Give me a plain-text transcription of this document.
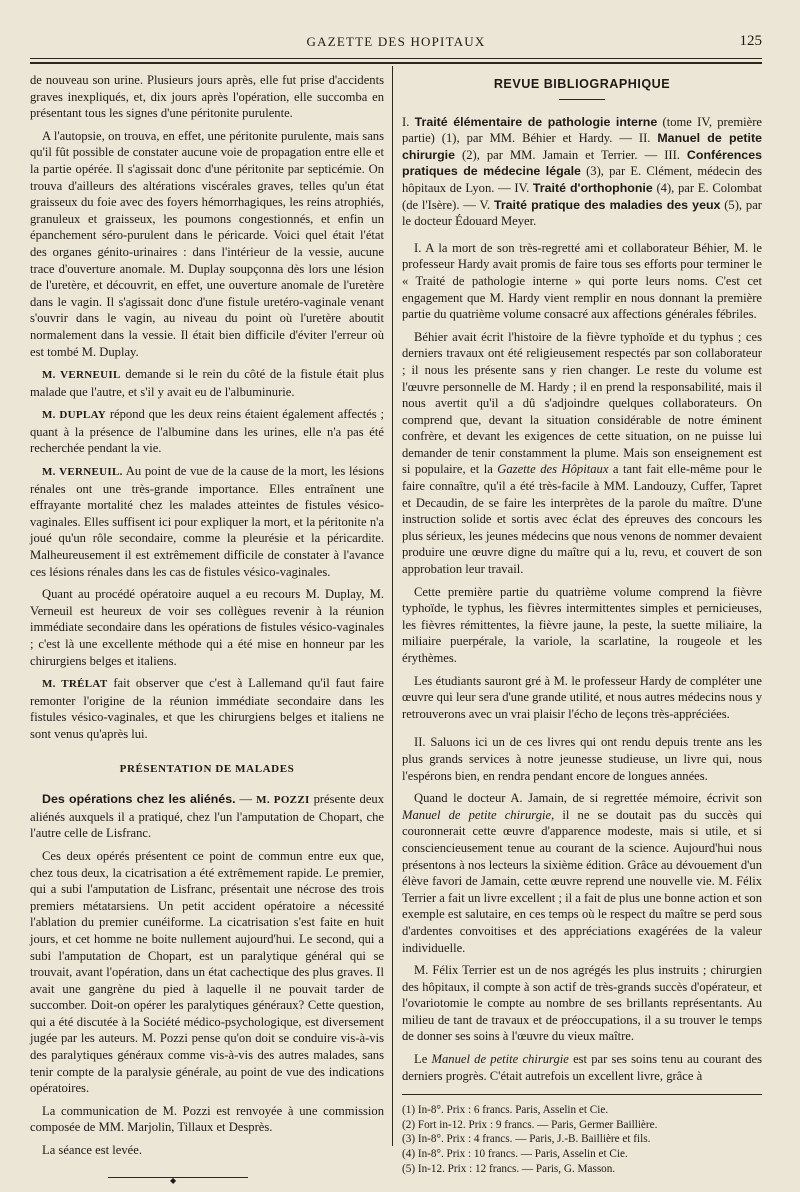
GAZETTE DES HOPITAUX	125

de nouveau son urine. Plusieurs jours après, elle fut prise d'accidents graves inexpliqués, et, dix jours après l'opération, elle succomba en présentant tous les signes d'une péritonite purulente.

A l'autopsie, on trouva, en effet, une péritonite purulente, mais sans qu'il fût possible de constater aucune voie de propagation entre elle et la partie opérée. Il s'agissait donc d'une péritonite par septicémie. On trouva d'ailleurs des altérations viscérales graves, telles qu'un état graisseux du foie avec des foyers hémorrhagiques, les reins atrophiés, granuleux et graisseux, les poumons congestionnés, et enfin un épanchement séro-purulent dans le péricarde. Voici quel était l'état des organes génito-urinaires : dans l'intérieur de la vessie, aucune trace d'ouverture anomale. M. Duplay soupçonna dès lors une lésion de l'uretère, et découvrit, en effet, une ouverture anomale de l'uretère dans le vagin. Il s'agissait donc d'une fistule uretéro-vaginale venant s'ouvrir dans le vagin, au niveau du point où l'uretère aboutit normalement dans la vessie. Il était bien difficile d'éviter l'erreur où est tombé M. Duplay.

M. VERNEUIL demande si le rein du côté de la fistule était plus malade que l'autre, et s'il y avait eu de l'albuminurie.

M. DUPLAY répond que les deux reins étaient également affectés ; quant à la présence de l'albumine dans les urines, elle n'a pas été recherchée pendant la vie.

M. VERNEUIL. Au point de vue de la cause de la mort, les lésions rénales ont une très-grande importance. Elles entraînent une effrayante mortalité chez les malades atteintes de fistules vésico-vaginales. Elles suffisent ici pour expliquer la mort, et la péritonite n'a joué qu'un rôle secondaire, comme la pleurésie et la péricardite. Malheureusement il est extrêmement difficile de constater à l'avance ces lésions rénales dans les cas de fistules vésico-vaginales.

Quant au procédé opératoire auquel a eu recours M. Duplay, M. Verneuil est heureux de voir ses collègues revenir à la réunion immédiate secondaire dans les opérations de fistules vésico-vaginales ; c'est là une excellente méthode qui a été mise en honneur par les chirurgiens belges et italiens.

M. TRÉLAT fait observer que c'est à Lallemand qu'il faut faire remonter l'origine de la réunion immédiate secondaire dans les fistules vésico-vaginales, et que les chirurgiens belges et italiens ne sont venus qu'après lui.

PRÉSENTATION DE MALADES

Des opérations chez les aliénés. — M. POZZI présente deux aliénés auxquels il a pratiqué, chez l'un l'amputation de Chopart, che l'autre celle de Lisfranc.

Ces deux opérés présentent ce point de commun entre eux que, chez tous deux, la cicatrisation a été extrêmement rapide. Le premier, qui a subi l'amputation de Lisfranc, présentait une nécrose des trois premiers métatarsiens. Un petit accident opératoire a nécessité l'ablation du premier cunéiforme. La cicatrisation s'est faite en huit jours, et cet homme ne boite nullement aujourd'hui. Le second, qui a subi l'amputation de Chopart, est un paralytique général qui se trouvait, avant l'opération, dans un état cachectique des plus graves. Il avait une gangrène du pied à laquelle il ne pouvait tarder de succomber. Doit-on opérer les paralytiques généraux? Cette question, qui a été discutée à la Société médico-psychologique, est diversement jugée par les auteurs. M. Pozzi pense qu'on doit se conduire vis-à-vis des paralytiques généraux comme vis-à-vis des autres malades, sans tenir compte de la paralysie générale, au point de vue des indications opératoires.

La communication de M. Pozzi est renvoyée à une commission composée de MM. Marjolin, Tillaux et Desprès.

La séance est levée.

◆
REVUE BIBLIOGRAPHIQUE

I. Traité élémentaire de pathologie interne (tome IV, première partie) (1), par MM. Béhier et Hardy. — II. Manuel de petite chirurgie (2), par MM. Jamain et Terrier. — III. Conférences pratiques de médecine légale (3), par E. Clément, médecin des hôpitaux de Lyon. — IV. Traité d'orthophonie (4), par E. Colombat (de l'Isère). — V. Traité pratique des maladies des yeux (5), par le docteur Édouard Meyer.

I. A la mort de son très-regretté ami et collaborateur Béhier, M. le professeur Hardy avait promis de faire tous ses efforts pour terminer le « Traité de pathologie interne » qui porte leurs noms. C'est cet engagement que M. Hardy vient remplir en nous donnant la première partie du quatrième volume consacré aux affections générales fébriles.

Béhier avait écrit l'histoire de la fièvre typhoïde et du typhus ; ces derniers travaux ont été religieusement respectés par son collaborateur ; il nous les présente sans y rien changer. Le reste du volume est l'œuvre personnelle de M. Hardy ; il en prend la responsabilité, mais il nous avertit qu'il a dû s'adjoindre quelques collaborateurs. On comprend que, devant la situation considérable de notre éminent confrère, et devant les exigences de cette situation, on ne puisse lui demander de tenir constamment la plume. Mais son enseignement est si populaire, et la Gazette des Hôpitaux a tant fait elle-même pour le faire connaître, qu'il a été très-facile à MM. Landouzy, Cuffer, Tapret et Decaudin, de se faire les interprètes de la parole du maître. D'une instruction solide et sortis avec éclat des épreuves des concours les plus sérieux, les jeunes médecins que nous venons de nommer devaient produire une œuvre digne du maître qui a lu, revu, et couvert de son approbation leur travail.

Cette première partie du quatrième volume comprend la fièvre typhoïde, le typhus, les fièvres intermittentes simples et pernicieuses, les fièvres rémittentes, la fièvre jaune, la peste, la suette miliaire, la miliaire puerpérale, la variole, la scarlatine, la rougeole et les érythèmes.

Les étudiants sauront gré à M. le professeur Hardy de compléter une œuvre qui leur sera d'une grande utilité, et nous autres médecins nous y retrouverons avec un vrai plaisir l'écho de leçons très-appréciées.

II. Saluons ici un de ces livres qui ont rendu depuis trente ans les plus grands services à notre jeunesse studieuse, un livre qui, nous l'espérons bien, en rendra pendant encore de longues années.

Quand le docteur A. Jamain, de si regrettée mémoire, écrivit son Manuel de petite chirurgie, il ne se doutait pas du succès qui couronnerait cette œuvre d'apparence modeste, mais si utile, et si consciencieusement tenue au courant de la science. Aujourd'hui nous présentons à nos lecteurs la sixième édition. Grâce au dévouement d'un élève favori de Jamain, cette œuvre reprend une nouvelle vie. M. Félix Terrier a fait un livre excellent ; il a fait de plus une bonne action et son exemple est salutaire, en ces temps où le respect du maître se perd sous d'ardentes convoitises et des appréciations exagérées de la valeur individuelle.

M. Félix Terrier est un de nos agrégés les plus instruits ; chirurgien des hôpitaux, il compte à son actif de très-grands succès d'opérateur, et l'ovariotomie le compte au nombre de ses brillants représentants. Au milieu de tant de travaux et de préoccupations, il a su trouver le temps de donner ses soins à l'œuvre du vieux maître.

Le Manuel de petite chirurgie est par ses soins tenu au courant des derniers progrès. C'était autrefois un excellent livre, grâce à

(1) In-8°. Prix : 6 francs. Paris, Asselin et Cie.
(2) Fort in-12. Prix : 9 francs. — Paris, Germer Baillière.
(3) In-8°. Prix : 4 francs. — Paris, J.-B. Baillière et fils.
(4) In-8°. Prix : 10 francs. — Paris, Asselin et Cie.
(5) In-12. Prix : 12 francs. — Paris, G. Masson.
